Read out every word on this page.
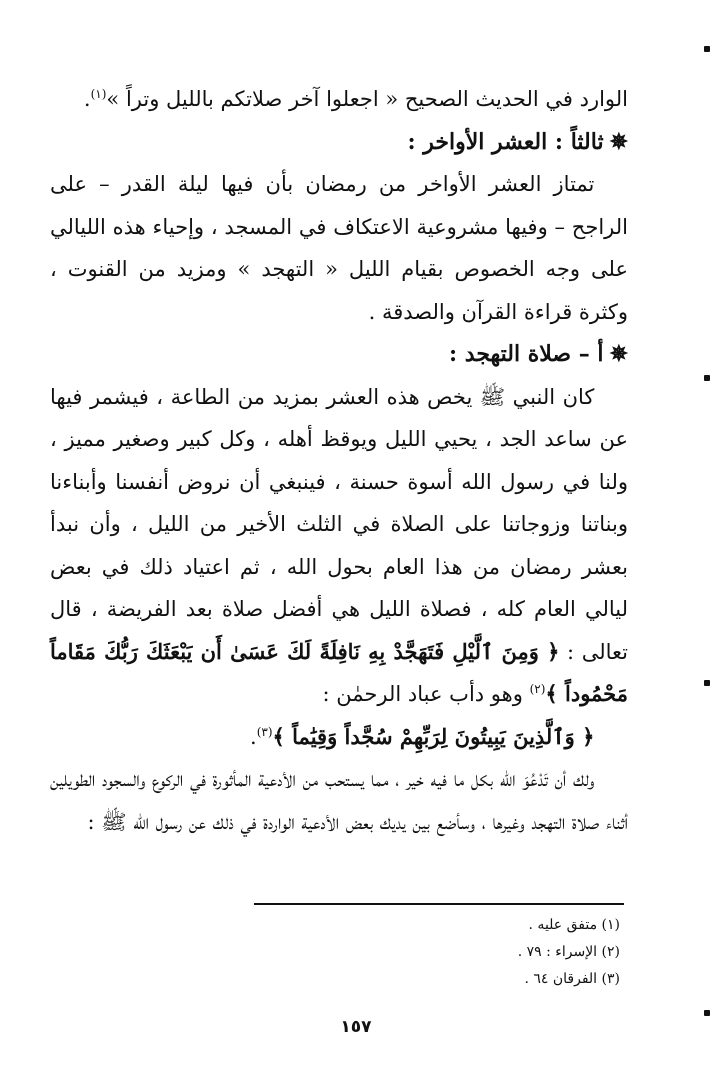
الوارد في الحديث الصحيح « اجعلوا آخر صلاتكم بالليل وتراً »$^{(١)}$.

✵ثالثاً : العشر الأواخر :

تمتاز العشر الأواخر من رمضان بأن فيها ليلة القدر – على الراجح – وفيها مشروعية الاعتكاف في المسجد ، وإحياء هذه الليالي على وجه الخصوص بقيام الليل « التهجد » ومزيد من القنوت ، وكثرة قراءة القرآن والصدقة .

✵أ – صلاة التهجد :

كان النبي ﷺ يخص هذه العشر بمزيد من الطاعة ، فيشمر فيها عن ساعد الجد ، يحيي الليل ويوقظ أهله ، وكل كبير وصغير مميز ، ولنا في رسول الله أسوة حسنة ، فينبغي أن نروض أنفسنا وأبناءنا وبناتنا وزوجاتنا على الصلاة في الثلث الأخير من الليل ، وأن نبدأ بعشر رمضان من هذا العام بحول الله ، ثم اعتياد ذلك في بعض ليالي العام كله ، فصلاة الليل هي أفضل صلاة بعد الفريضة ، قال تعالى : ﴿ وَمِنَ ٱلَّيْلِ فَتَهَجَّدْ بِهِ نَافِلَةً لَكَ عَسَىٰ أَن يَبْعَثَكَ رَبُّكَ مَقَاماً مَحْمُوداً ﴾$^{(٢)}$ وهو دأب عباد الرحمٰن :

﴿ وَٱلَّذِينَ يَبِيتُونَ لِرَبِّهِمْ سُجَّداً وَقِيَٰماً ﴾$^{(٣)}$.

ولك أن تَدْعُوَ الله بكل ما فيه خير ، مما يستحب من الأدعية المأثورة في الركوع والسجود الطويلين أثناء صلاة التهجد وغيرها ، وسأضع بين يديك بعض الأدعية الواردة في ذلك عن رسول الله ﷺ :

(١) متفق عليه .
(٢) الإسراء : ٧٩ .
(٣) الفرقان ٦٤ .
١٥٧
